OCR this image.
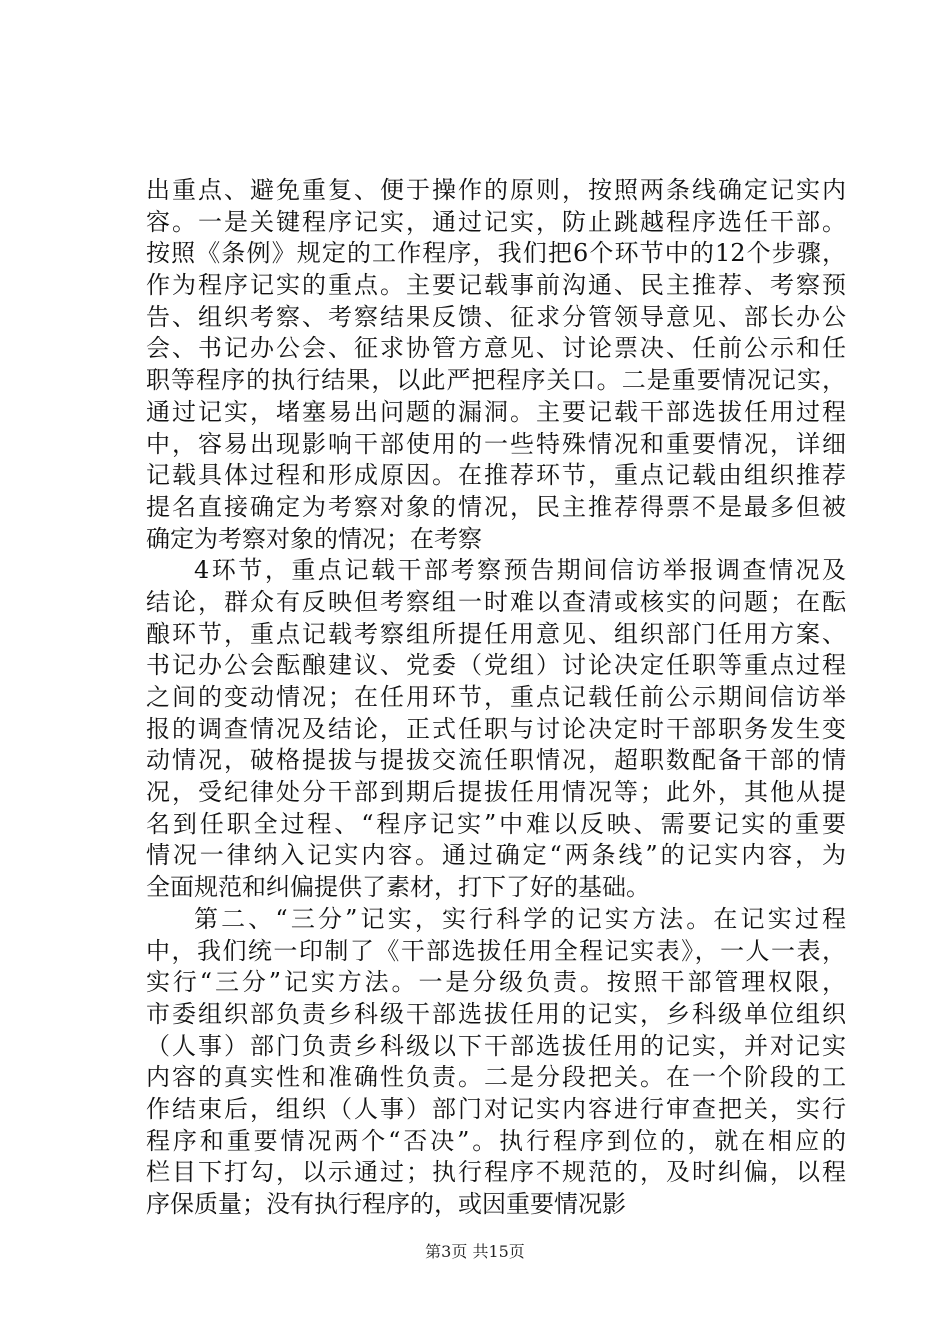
出重点、避免重复、便于操作的原则，按照两条线确定记实内
容。一是关键程序记实，通过记实，防止跳越程序选任干部。
按照《条例》规定的工作程序，我们把6个环节中的12个步骤，
作为程序记实的重点。主要记载事前沟通、民主推荐、考察预
告、组织考察、考察结果反馈、征求分管领导意见、部长办公
会、书记办公会、征求协管方意见、讨论票决、任前公示和任
职等程序的执行结果，以此严把程序关口。二是重要情况记实，
通过记实，堵塞易出问题的漏洞。主要记载干部选拔任用过程
中，容易出现影响干部使用的一些特殊情况和重要情况，详细
记载具体过程和形成原因。在推荐环节，重点记载由组织推荐
提名直接确定为考察对象的情况，民主推荐得票不是最多但被
确定为考察对象的情况；在考察
4环节，重点记载干部考察预告期间信访举报调查情况及
结论，群众有反映但考察组一时难以查清或核实的问题；在酝
酿环节，重点记载考察组所提任用意见、组织部门任用方案、
书记办公会酝酿建议、党委（党组）讨论决定任职等重点过程
之间的变动情况；在任用环节，重点记载任前公示期间信访举
报的调查情况及结论，正式任职与讨论决定时干部职务发生变
动情况，破格提拔与提拔交流任职情况，超职数配备干部的情
况，受纪律处分干部到期后提拔任用情况等；此外，其他从提
名到任职全过程、“程序记实”中难以反映、需要记实的重要
情况一律纳入记实内容。通过确定“两条线”的记实内容，为
全面规范和纠偏提供了素材，打下了好的基础。
第二、“三分”记实，实行科学的记实方法。在记实过程
中，我们统一印制了《干部选拔任用全程记实表》，一人一表，
实行“三分”记实方法。一是分级负责。按照干部管理权限，
市委组织部负责乡科级干部选拔任用的记实，乡科级单位组织
（人事）部门负责乡科级以下干部选拔任用的记实，并对记实
内容的真实性和准确性负责。二是分段把关。在一个阶段的工
作结束后，组织（人事）部门对记实内容进行审查把关，实行
程序和重要情况两个“否决”。执行程序到位的，就在相应的
栏目下打勾，以示通过；执行程序不规范的，及时纠偏，以程
序保质量；没有执行程序的，或因重要情况影
第3页 共15页
